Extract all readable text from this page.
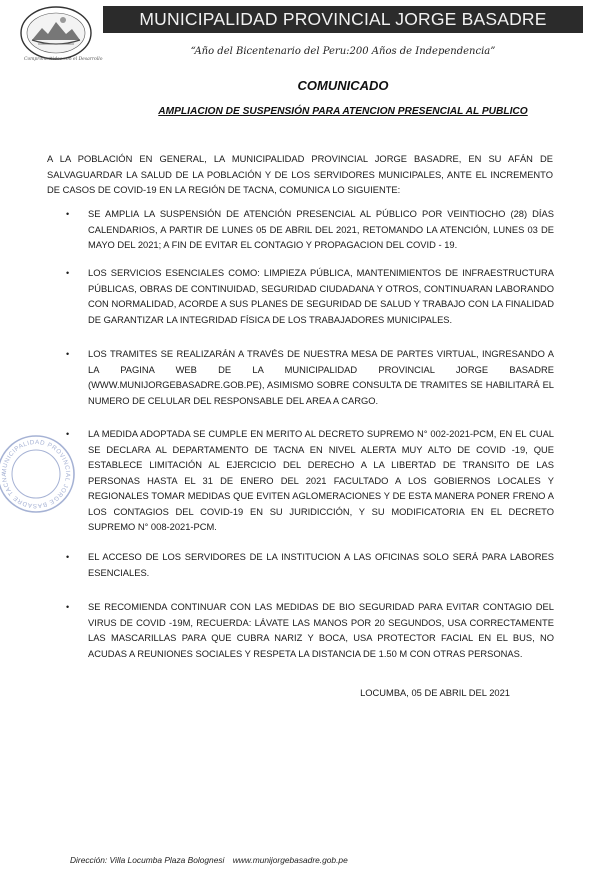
Compromettidos con el Desarrollo
MUNICIPALIDAD PROVINCIAL JORGE BASADRE
“Año del Bicentenario del Peru:200 Años de Independencia”
COMUNICADO
AMPLIACION DE SUSPENSIÓN PARA ATENCION PRESENCIAL AL PUBLICO
A LA POBLACIÓN EN GENERAL, LA MUNICIPALIDAD PROVINCIAL JORGE BASADRE, EN SU AFÁN DE SALVAGUARDAR LA SALUD DE LA POBLACIÓN Y DE LOS SERVIDORES MUNICIPALES, ANTE EL INCREMENTO DE CASOS DE COVID-19 EN LA REGIÓN DE TACNA, COMUNICA LO SIGUIENTE:
• SE AMPLIA LA SUSPENSIÓN DE ATENCIÓN PRESENCIAL AL PÚBLICO POR VEINTIOCHO (28) DÍAS CALENDARIOS, A PARTIR DE LUNES 05 DE ABRIL DEL 2021, RETOMANDO LA ATENCIÓN, LUNES 03 DE MAYO DEL 2021; A FIN DE EVITAR EL CONTAGIO Y PROPAGACION DEL COVID - 19.
• LOS SERVICIOS ESENCIALES COMO: LIMPIEZA PÚBLICA, MANTENIMIENTOS DE INFRAESTRUCTURA PÚBLICAS, OBRAS DE CONTINUIDAD, SEGURIDAD CIUDADANA Y OTROS, CONTINUARAN LABORANDO CON NORMALIDAD, ACORDE A SUS PLANES DE SEGURIDAD DE SALUD Y TRABAJO CON LA FINALIDAD DE GARANTIZAR LA INTEGRIDAD FÍSICA DE LOS TRABAJADORES MUNICIPALES.
• LOS TRAMITES SE REALIZARÁN A TRAVÉS DE NUESTRA MESA DE PARTES VIRTUAL, INGRESANDO A LA PAGINA WEB DE LA MUNICIPALIDAD PROVINCIAL JORGE BASADRE (WWW.MUNIJORGEBASADRE.GOB.PE), ASIMISMO SOBRE CONSULTA DE TRAMITES SE HABILITARÁ EL NUMERO DE CELULAR DEL RESPONSABLE DEL AREA A CARGO.
• LA MEDIDA ADOPTADA SE CUMPLE EN MERITO AL DECRETO SUPREMO N° 002-2021-PCM, EN EL CUAL SE DECLARA AL DEPARTAMENTO DE TACNA EN NIVEL ALERTA MUY ALTO DE COVID -19, QUE ESTABLECE LIMITACIÓN AL EJERCICIO DEL DERECHO A LA LIBERTAD DE TRANSITO DE LAS PERSONAS HASTA EL 31 DE ENERO DEL 2021 FACULTADO A LOS GOBIERNOS LOCALES Y REGIONALES TOMAR MEDIDAS QUE EVITEN AGLOMERACIONES Y DE ESTA MANERA PONER FRENO A LOS CONTAGIOS DEL COVID-19 EN SU JURIDICCIÓN, Y SU MODIFICATORIA EN EL DECRETO SUPREMO N° 008-2021-PCM.
• EL ACCESO DE LOS SERVIDORES DE LA INSTITUCION A LAS OFICINAS SOLO SERÁ PARA LABORES ESENCIALES.
• SE RECOMIENDA CONTINUAR CON LAS MEDIDAS DE BIO SEGURIDAD PARA EVITAR CONTAGIO DEL VIRUS DE COVID -19M, RECUERDA: LÁVATE LAS MANOS POR 20 SEGUNDOS, USA CORRECTAMENTE LAS MASCARILLAS PARA QUE CUBRA NARIZ Y BOCA, USA PROTECTOR FACIAL EN EL BUS, NO ACUDAS A REUNIONES SOCIALES Y RESPETA LA DISTANCIA DE 1.50 M CON OTRAS PERSONAS.
LOCUMBA, 05 DE ABRIL DEL 2021
MUNICIPALIDAD PROVINCIAL JORGE BASADRE TACNA
Dirección: Villa Locumba Plaza Bolognesi www.munijorgebasadre.gob.pe
